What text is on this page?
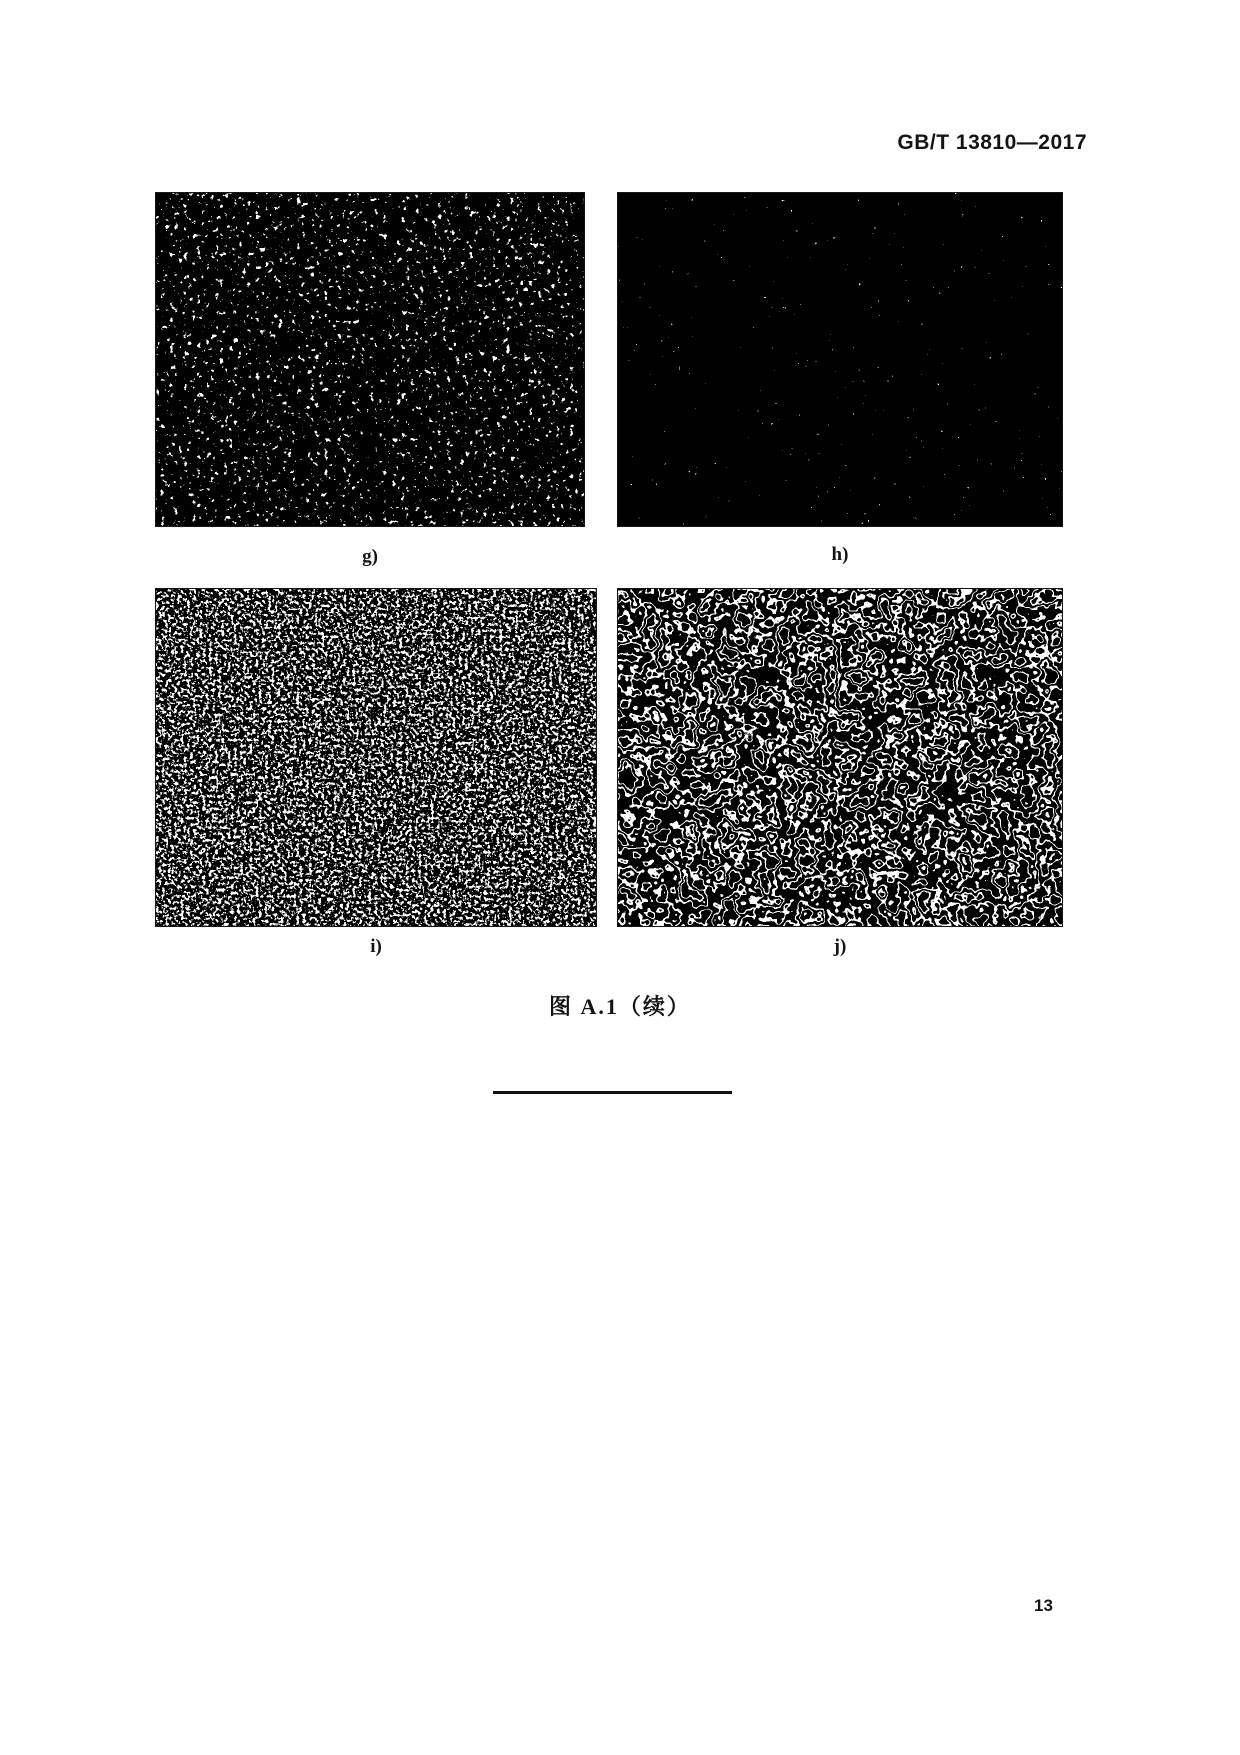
GB/T 13810—2017
g)	h)
i)	j)
图 A.1（续）
13
